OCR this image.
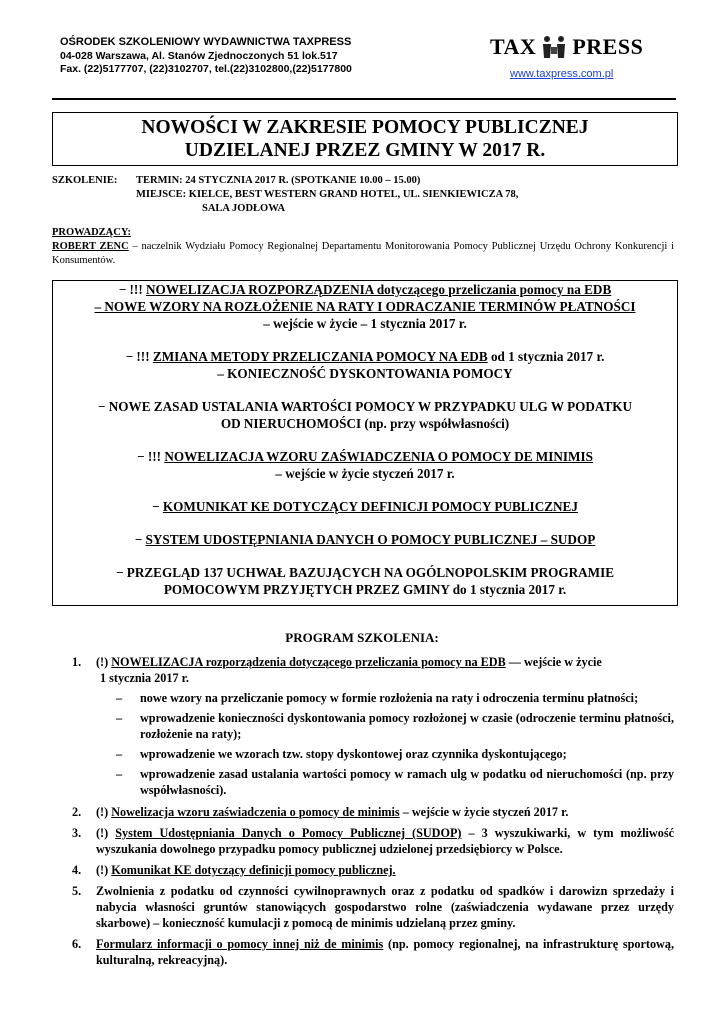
OŚRODEK SZKOLENIOWY WYDAWNICTWA TAXPRESS
04-028 Warszawa, Al. Stanów Zjednoczonych 51 lok.517
Fax. (22)5177707, (22)3102707, tel.(22)3102800,(22)5177800
TAX PRESS
www.taxpress.com.pl
NOWOŚCI W ZAKRESIE POMOCY PUBLICZNEJ
UDZIELANEJ PRZEZ GMINY W 2017 R.
SZKOLENIE: TERMIN: 24 STYCZNIA 2017 R. (SPOTKANIE 10.00 – 15.00)
MIEJSCE: KIELCE, BEST WESTERN GRAND HOTEL, UL. SIENKIEWICZA 78,
SALA JODŁOWA
PROWADZĄCY:
ROBERT ZENC – naczelnik Wydziału Pomocy Regionalnej Departamentu Monitorowania Pomocy Publicznej Urzędu Ochrony Konkurencji i Konsumentów.
− !!! NOWELIZACJA ROZPORZĄDZENIA dotyczącego przeliczania pomocy na EDB
– NOWE WZORY NA ROZŁOŻENIE NA RATY I ODRACZANIE TERMINÓW PŁATNOŚCI
– wejście w życie – 1 stycznia 2017 r.
− !!! ZMIANA METODY PRZELICZANIA POMOCY NA EDB od 1 stycznia 2017 r.
– KONIECZNOŚĆ DYSKONTOWANIA POMOCY
− NOWE ZASAD USTALANIA WARTOŚCI POMOCY W PRZYPADKU ULG W PODATKU
OD NIERUCHOMOŚCI (np. przy współwłasności)
− !!! NOWELIZACJA WZORU ZAŚWIADCZENIA O POMOCY DE MINIMIS
– wejście w życie styczeń 2017 r.
− KOMUNIKAT KE DOTYCZĄCY DEFINICJI POMOCY PUBLICZNEJ
− SYSTEM UDOSTĘPNIANIA DANYCH O POMOCY PUBLICZNEJ – SUDOP
− PRZEGLĄD 137 UCHWAŁ BAZUJĄCYCH NA OGÓLNOPOLSKIM PROGRAMIE
POMOCOWYM PRZYJĘTYCH PRZEZ GMINY do 1 stycznia 2017 r.
PROGRAM SZKOLENIA:
1. (!) NOWELIZACJA rozporządzenia dotyczącego przeliczania pomocy na EDB — wejście w życie
1 stycznia 2017 r.
– nowe wzory na przeliczanie pomocy w formie rozłożenia na raty i odroczenia terminu płatności;
– wprowadzenie konieczności dyskontowania pomocy rozłożonej w czasie (odroczenie terminu płatności, rozłożenie na raty);
– wprowadzenie we wzorach tzw. stopy dyskontowej oraz czynnika dyskontującego;
– wprowadzenie zasad ustalania wartości pomocy w ramach ulg w podatku od nieruchomości (np. przy współwłasności).
2. (!) Nowelizacja wzoru zaświadczenia o pomocy de minimis – wejście w życie styczeń 2017 r.
3. (!) System Udostępniania Danych o Pomocy Publicznej (SUDOP) – 3 wyszukiwarki, w tym możliwość wyszukania dowolnego przypadku pomocy publicznej udzielonej przedsiębiorcy w Polsce.
4. (!) Komunikat KE dotyczący definicji pomocy publicznej.
5. Zwolnienia z podatku od czynności cywilnoprawnych oraz z podatku od spadków i darowizn sprzedaży i nabycia własności gruntów stanowiących gospodarstwo rolne (zaświadczenia wydawane przez urzędy skarbowe) – konieczność kumulacji z pomocą de minimis udzielaną przez gminy.
6. Formularz informacji o pomocy innej niż de minimis (np. pomocy regionalnej, na infrastrukturę sportową, kulturalną, rekreacyjną).
